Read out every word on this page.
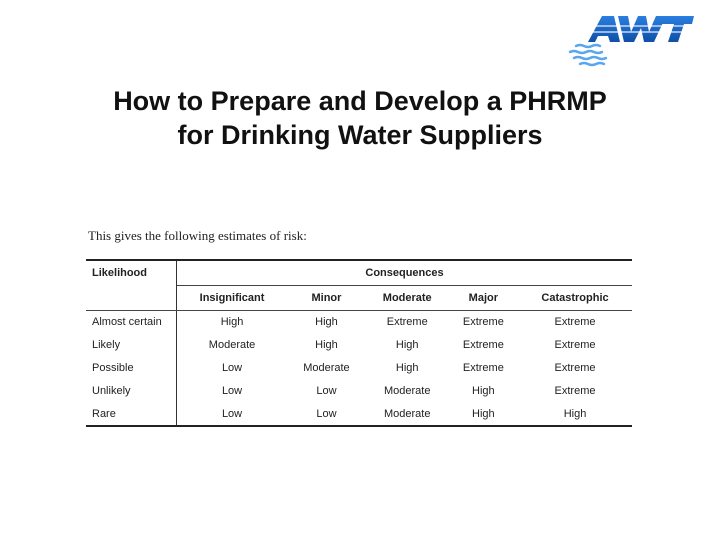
How to Prepare and Develop a PHRMP
for Drinking Water Suppliers
This gives the following estimates of risk:
Likelihood	Consequences				
	Insignificant	Minor	Moderate	Major	Catastrophic
Almost certain	High	High	Extreme	Extreme	Extreme
Likely	Moderate	High	High	Extreme	Extreme
Possible	Low	Moderate	High	Extreme	Extreme
Unlikely	Low	Low	Moderate	High	Extreme
Rare	Low	Low	Moderate	High	High
